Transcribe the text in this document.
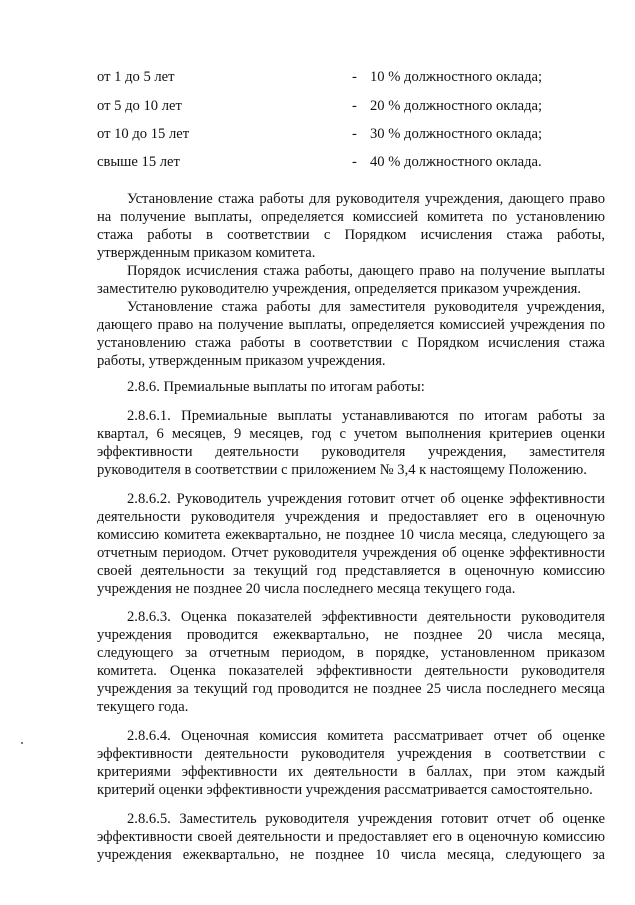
от 1 до 5 лет	- 10 % должностного оклада;
от 5 до 10 лет	- 20 % должностного оклада;
от 10 до 15 лет	- 30 % должностного оклада;
свыше 15 лет	- 40 % должностного оклада.
Установление стажа работы для руководителя учреждения, дающего право
на получение выплаты, определяется комиссией комитета по установлению
стажа работы в соответствии с Порядком исчисления стажа работы,
утвержденным приказом комитета.
Порядок исчисления стажа работы, дающего право на получение выплаты
заместителю руководителю учреждения, определяется приказом учреждения.
Установление стажа работы для заместителя руководителя учреждения,
дающего право на получение выплаты, определяется комиссией учреждения по
установлению стажа работы в соответствии с Порядком исчисления стажа
работы, утвержденным приказом учреждения.
2.8.6. Премиальные выплаты по итогам работы:
2.8.6.1. Премиальные выплаты устанавливаются по итогам работы за
квартал, 6 месяцев, 9 месяцев, год с учетом выполнения критериев оценки
эффективности деятельности руководителя учреждения, заместителя
руководителя в соответствии с приложением № 3,4 к настоящему Положению.
2.8.6.2. Руководитель учреждения готовит отчет об оценке эффективности
деятельности руководителя учреждения и предоставляет его в оценочную
комиссию комитета ежеквартально, не позднее 10 числа месяца, следующего за
отчетным периодом. Отчет руководителя учреждения об оценке эффективности
своей деятельности за текущий год представляется в оценочную комиссию
учреждения не позднее 20 числа последнего месяца текущего года.
2.8.6.3. Оценка показателей эффективности деятельности руководителя
учреждения проводится ежеквартально, не позднее 20 числа месяца,
следующего за отчетным периодом, в порядке, установленном приказом
комитета. Оценка показателей эффективности деятельности руководителя
учреждения за текущий год проводится не позднее 25 числа последнего месяца
текущего года.
2.8.6.4. Оценочная комиссия комитета рассматривает отчет об оценке
эффективности деятельности руководителя учреждения в соответствии с
критериями эффективности их деятельности в баллах, при этом каждый
критерий оценки эффективности учреждения рассматривается самостоятельно.
2.8.6.5. Заместитель руководителя учреждения готовит отчет об оценке
эффективности своей деятельности и предоставляет его в оценочную комиссию
учреждения ежеквартально, не позднее 10 числа месяца, следующего за
